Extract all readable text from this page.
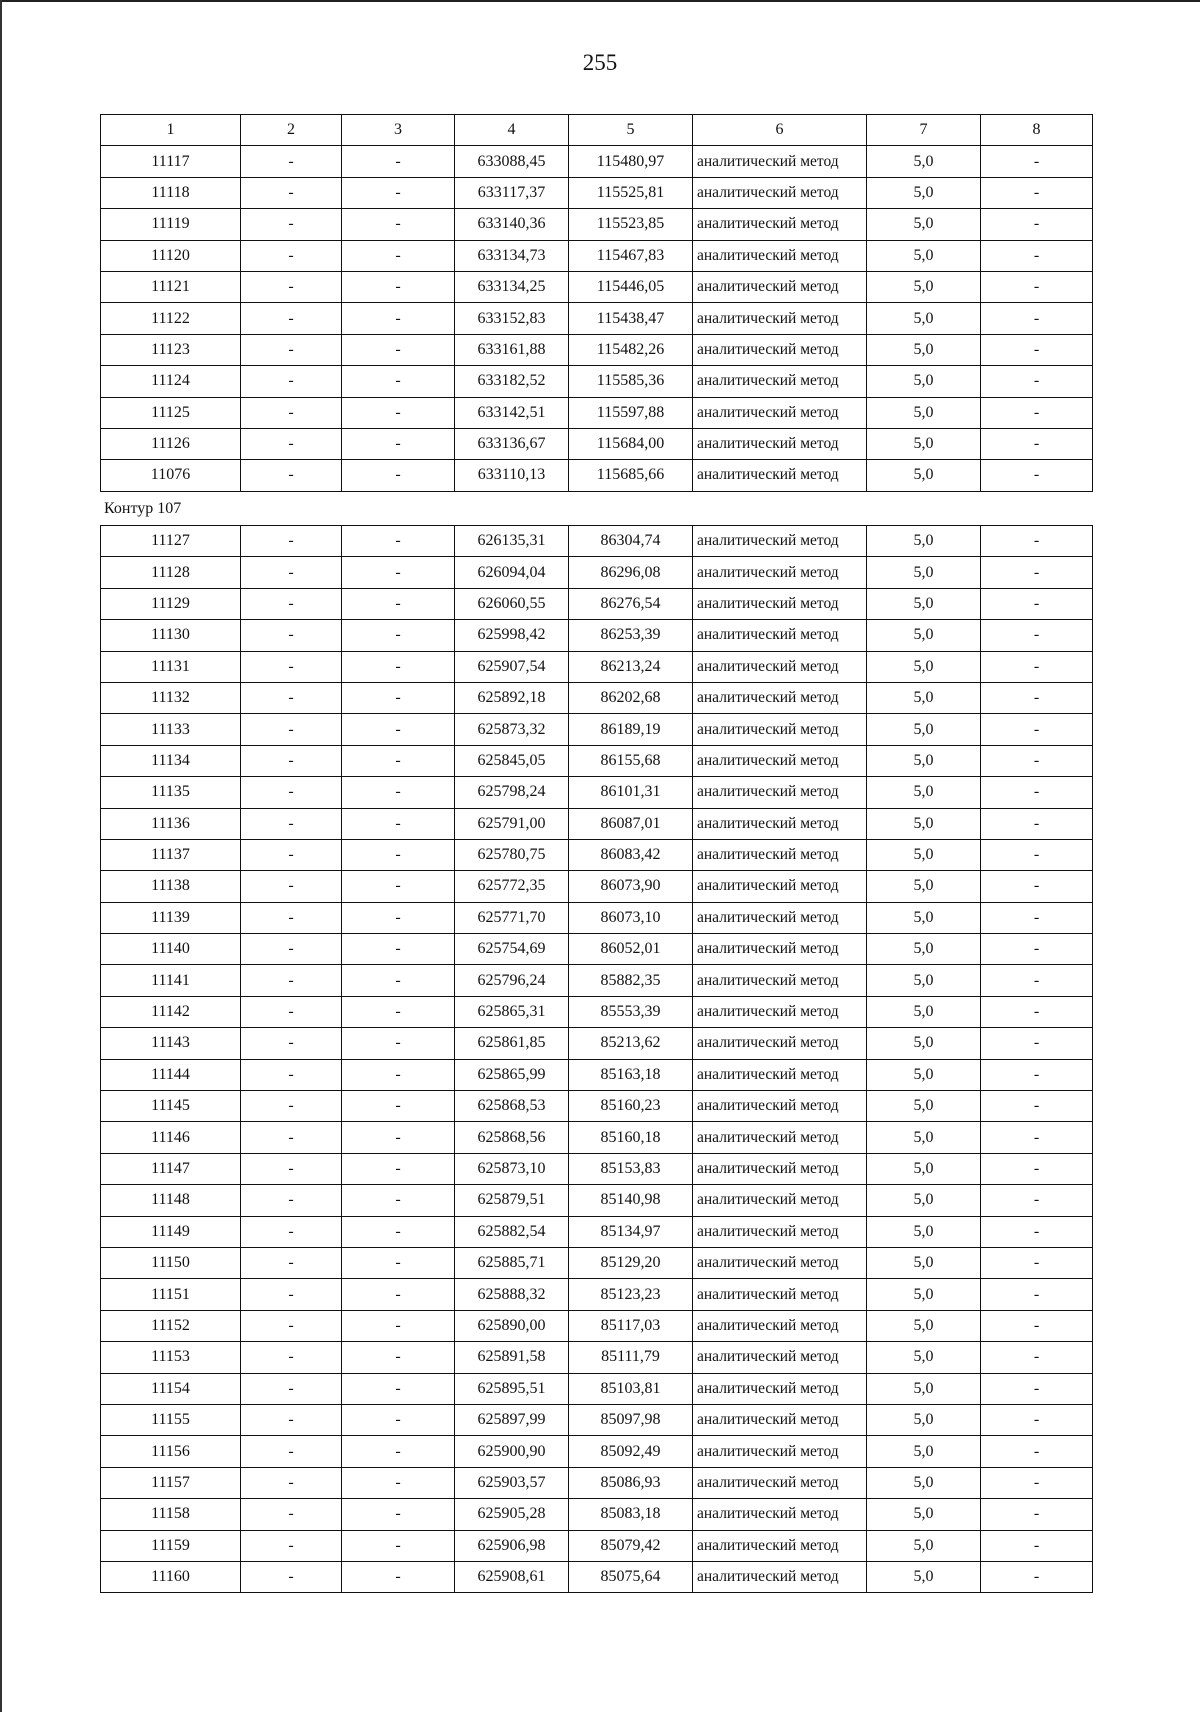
255
1	2	3	4	5	6	7	8
11117	-	-	633088,45	115480,97	аналитический метод	5,0	-
11118	-	-	633117,37	115525,81	аналитический метод	5,0	-
11119	-	-	633140,36	115523,85	аналитический метод	5,0	-
11120	-	-	633134,73	115467,83	аналитический метод	5,0	-
11121	-	-	633134,25	115446,05	аналитический метод	5,0	-
11122	-	-	633152,83	115438,47	аналитический метод	5,0	-
11123	-	-	633161,88	115482,26	аналитический метод	5,0	-
11124	-	-	633182,52	115585,36	аналитический метод	5,0	-
11125	-	-	633142,51	115597,88	аналитический метод	5,0	-
11126	-	-	633136,67	115684,00	аналитический метод	5,0	-
11076	-	-	633110,13	115685,66	аналитический метод	5,0	-
Контур 107
11127	-	-	626135,31	86304,74	аналитический метод	5,0	-
11128	-	-	626094,04	86296,08	аналитический метод	5,0	-
11129	-	-	626060,55	86276,54	аналитический метод	5,0	-
11130	-	-	625998,42	86253,39	аналитический метод	5,0	-
11131	-	-	625907,54	86213,24	аналитический метод	5,0	-
11132	-	-	625892,18	86202,68	аналитический метод	5,0	-
11133	-	-	625873,32	86189,19	аналитический метод	5,0	-
11134	-	-	625845,05	86155,68	аналитический метод	5,0	-
11135	-	-	625798,24	86101,31	аналитический метод	5,0	-
11136	-	-	625791,00	86087,01	аналитический метод	5,0	-
11137	-	-	625780,75	86083,42	аналитический метод	5,0	-
11138	-	-	625772,35	86073,90	аналитический метод	5,0	-
11139	-	-	625771,70	86073,10	аналитический метод	5,0	-
11140	-	-	625754,69	86052,01	аналитический метод	5,0	-
11141	-	-	625796,24	85882,35	аналитический метод	5,0	-
11142	-	-	625865,31	85553,39	аналитический метод	5,0	-
11143	-	-	625861,85	85213,62	аналитический метод	5,0	-
11144	-	-	625865,99	85163,18	аналитический метод	5,0	-
11145	-	-	625868,53	85160,23	аналитический метод	5,0	-
11146	-	-	625868,56	85160,18	аналитический метод	5,0	-
11147	-	-	625873,10	85153,83	аналитический метод	5,0	-
11148	-	-	625879,51	85140,98	аналитический метод	5,0	-
11149	-	-	625882,54	85134,97	аналитический метод	5,0	-
11150	-	-	625885,71	85129,20	аналитический метод	5,0	-
11151	-	-	625888,32	85123,23	аналитический метод	5,0	-
11152	-	-	625890,00	85117,03	аналитический метод	5,0	-
11153	-	-	625891,58	85111,79	аналитический метод	5,0	-
11154	-	-	625895,51	85103,81	аналитический метод	5,0	-
11155	-	-	625897,99	85097,98	аналитический метод	5,0	-
11156	-	-	625900,90	85092,49	аналитический метод	5,0	-
11157	-	-	625903,57	85086,93	аналитический метод	5,0	-
11158	-	-	625905,28	85083,18	аналитический метод	5,0	-
11159	-	-	625906,98	85079,42	аналитический метод	5,0	-
11160	-	-	625908,61	85075,64	аналитический метод	5,0	-
